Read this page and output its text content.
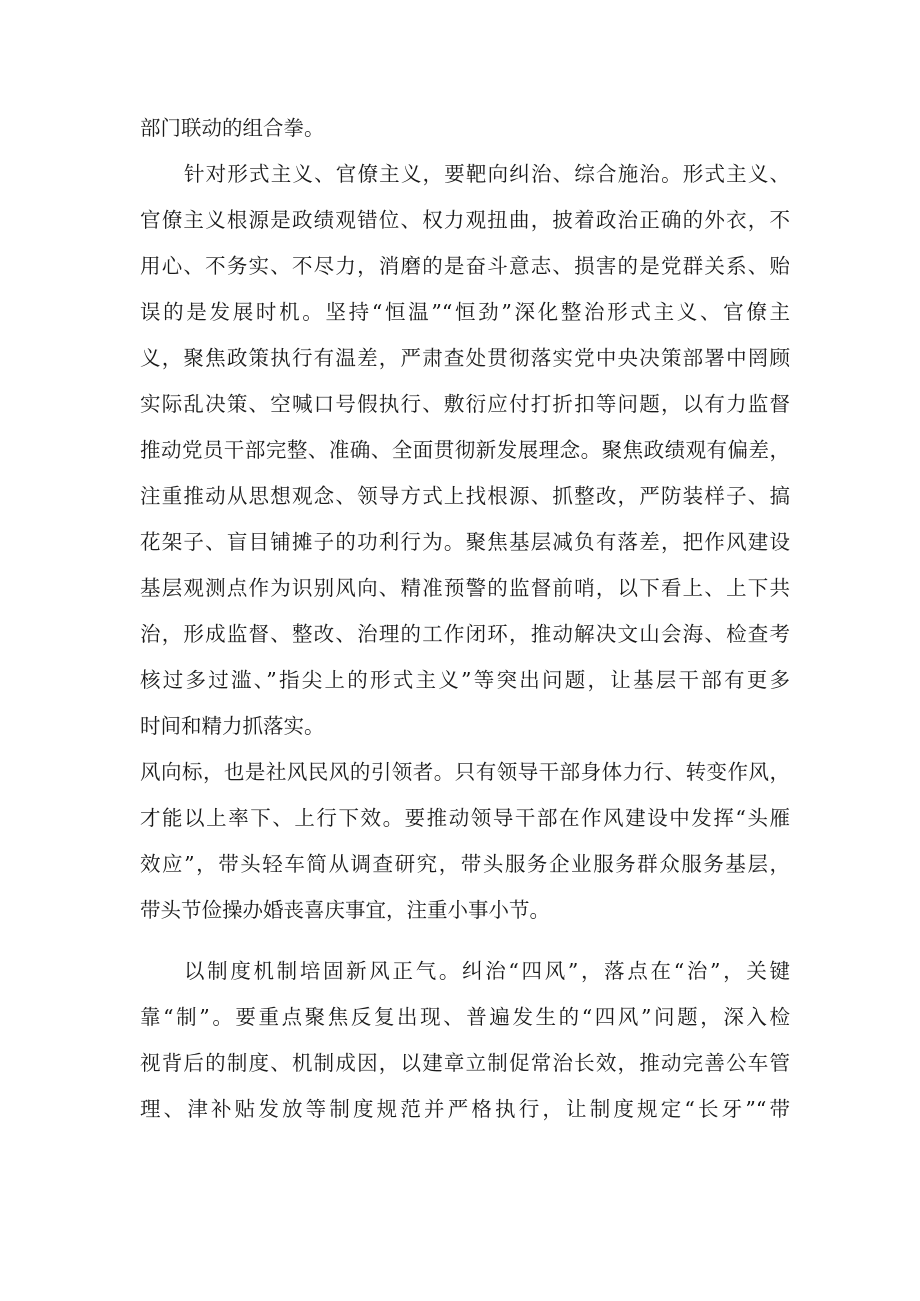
部门联动的组合拳。
针对形式主义、官僚主义，要靶向纠治、综合施治。形式主义、
官僚主义根源是政绩观错位、权力观扭曲，披着政治正确的外衣，不
用心、不务实、不尽力，消磨的是奋斗意志、损害的是党群关系、贻
误的是发展时机。坚持“恒温”“恒劲”深化整治形式主义、官僚主
义，聚焦政策执行有温差，严肃查处贯彻落实党中央决策部署中罔顾
实际乱决策、空喊口号假执行、敷衍应付打折扣等问题，以有力监督
推动党员干部完整、准确、全面贯彻新发展理念。聚焦政绩观有偏差，
注重推动从思想观念、领导方式上找根源、抓整改，严防装样子、搞
花架子、盲目铺摊子的功利行为。聚焦基层减负有落差，把作风建设
基层观测点作为识别风向、精准预警的监督前哨，以下看上、上下共
治，形成监督、整改、治理的工作闭环，推动解决文山会海、检查考
核过多过滥、”指尖上的形式主义”等突出问题，让基层干部有更多
时间和精力抓落实。
风向标，也是社风民风的引领者。只有领导干部身体力行、转变作风，
才能以上率下、上行下效。要推动领导干部在作风建设中发挥“头雁
效应”，带头轻车简从调查研究，带头服务企业服务群众服务基层，
带头节俭操办婚丧喜庆事宜，注重小事小节。
以制度机制培固新风正气。纠治“四风”，落点在“治”，关键
靠“制”。要重点聚焦反复出现、普遍发生的“四风”问题，深入检
视背后的制度、机制成因，以建章立制促常治长效，推动完善公车管
理、津补贴发放等制度规范并严格执行，让制度规定“长牙”“带
